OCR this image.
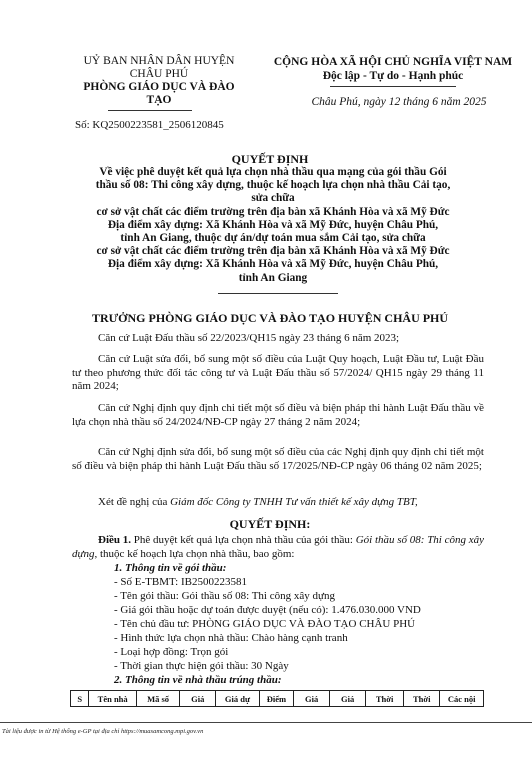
UỶ BAN NHÂN DÂN HUYỆN
CHÂU PHÚ
PHÒNG GIÁO DỤC VÀ ĐÀO
TẠO
CỘNG HÒA XÃ HỘI CHỦ NGHĨA VIỆT NAM
Độc lập - Tự do - Hạnh phúc
Châu Phú, ngày 12 tháng 6 năm 2025
Số: KQ2500223581_2506120845
QUYẾT ĐỊNH
Về việc phê duyệt kết quả lựa chọn nhà thầu qua mạng của gói thầu Gói
thầu số 08: Thi công xây dựng, thuộc kế hoạch lựa chọn nhà thầu Cải tạo,
sửa chữa
cơ sở vật chất các điểm trường trên địa bàn xã Khánh Hòa và xã Mỹ Đức
Địa điểm xây dựng: Xã Khánh Hòa và xã Mỹ Đức, huyện Châu Phú,
tỉnh An Giang, thuộc dự án/dự toán mua sắm Cải tạo, sửa chữa
cơ sở vật chất các điểm trường trên địa bàn xã Khánh Hòa và xã Mỹ Đức
Địa điểm xây dựng: Xã Khánh Hòa và xã Mỹ Đức, huyện Châu Phú,
tỉnh An Giang
TRƯỞNG PHÒNG GIÁO DỤC VÀ ĐÀO TẠO HUYỆN CHÂU PHÚ
Căn cứ Luật Đấu thầu số 22/2023/QH15 ngày 23 tháng 6 năm 2023;
Căn cứ Luật sửa đổi, bổ sung một số điều của Luật Quy hoạch, Luật Đầu tư, Luật Đầu tư theo phương thức đối tác công tư và Luật Đấu thầu số 57/2024/ QH15 ngày 29 tháng 11 năm 2024;
Căn cứ Nghị định quy định chi tiết một số điều và biện pháp thi hành Luật Đấu thầu về lựa chọn nhà thầu số 24/2024/NĐ-CP ngày 27 tháng 2 năm 2024;
Căn cứ Nghị định sửa đổi, bổ sung một số điều của các Nghị định quy định chi tiết một số điều và biện pháp thi hành Luật Đấu thầu số 17/2025/NĐ-CP ngày 06 tháng 02 năm 2025;
Xét đề nghị của Giám đốc Công ty TNHH Tư vấn thiết kế xây dựng TBT,
QUYẾT ĐỊNH:
Điều 1. Phê duyệt kết quả lựa chọn nhà thầu của gói thầu: Gói thầu số 08: Thi công xây dựng, thuộc kế hoạch lựa chọn nhà thầu, bao gồm:
1. Thông tin về gói thầu:
- Số E-TBMT: IB2500223581
- Tên gói thầu: Gói thầu số 08: Thi công xây dựng
- Giá gói thầu hoặc dự toán được duyệt (nếu có): 1.476.030.000 VND
- Tên chủ đầu tư: PHÒNG GIÁO DỤC VÀ ĐÀO TẠO CHÂU PHÚ
- Hình thức lựa chọn nhà thầu: Chào hàng cạnh tranh
- Loại hợp đồng: Trọn gói
- Thời gian thực hiện gói thầu: 30 Ngày
2. Thông tin về nhà thầu trúng thầu:
S	Tên nhà	Mã số	Giá	Giá dự	Điểm	Giá	Giá	Thời	Thời	Các nội
Tài liệu được in từ Hệ thống e-GP tại địa chỉ https://muasamcong.mpi.gov.vn
